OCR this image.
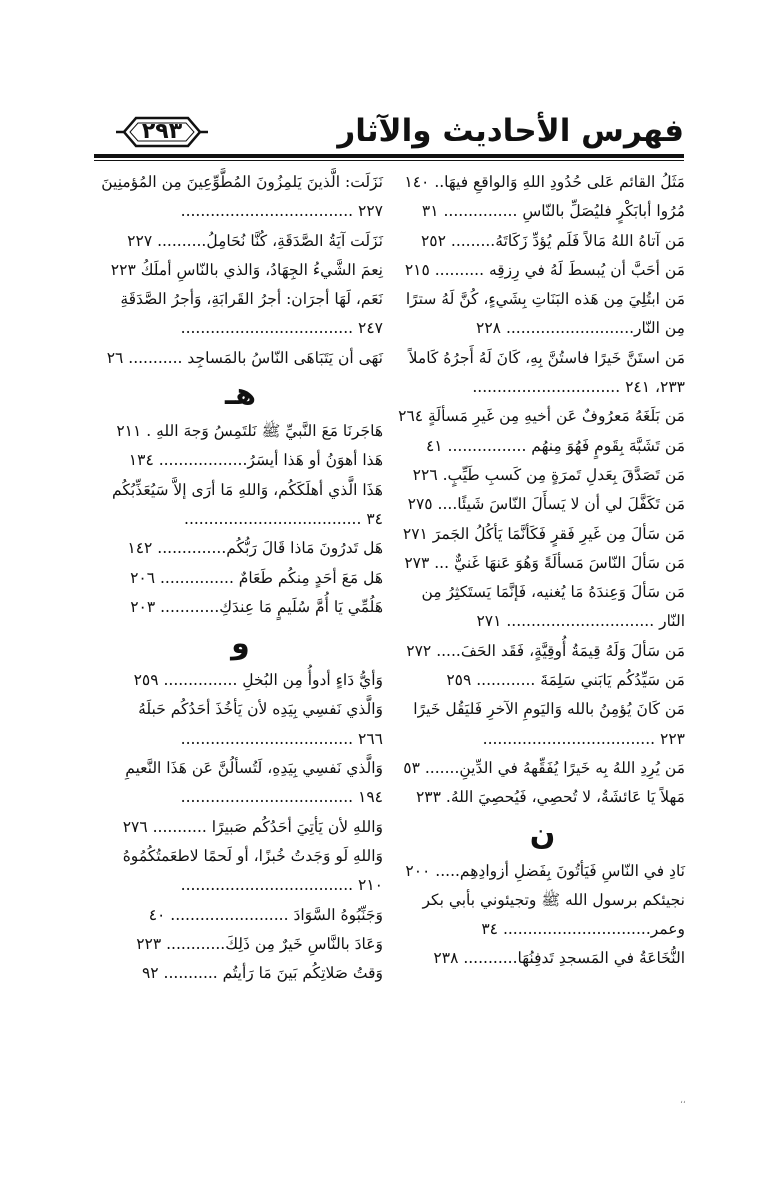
٢٩٣	فهرس الأحاديث والآثار
مَثَلُ القائم عَلى حُدُودِ اللهِ وَالواقعِ فيهَا.. ١٤٠
مُرُوا أبابَكْرٍ فليُصَلِّ بالنّاسِ ............... ٣١
مَن آتاهُ اللهُ مَالاً فَلَم يُؤدِّ زَكَاتَهُ......... ٢٥٢
مَن أحَبَّ أن يُبسطَ لَهُ في رِزقِه .......... ٢١٥
مَن ابتُلِيَ مِن هَذه البَنَاتِ بِشَيءٍ، كُنَّ لَهُ سترًا
مِن النّار.......................... ٢٢٨
مَن استَنَّ خَيرًا فاستُنَّ بِهِ، كَانَ لَهُ أَجرُهُ كَاملاً
٢٣٣، ٢٤١ ..............................
مَن بَلَغَهُ مَعرُوفٌ عَن أخيهِ مِن غَيرِ مَسألَةٍ ٢٦٤
مَن تَشَبَّهَ بِقَومٍ فَهُوَ مِنهُم ................ ٤١
مَن تَصَدَّقَ بِعَدلِ تَمرَةٍ مِن كَسبِ طَيِّبٍ. ٢٢٦
مَن تَكَفَّلَ لي أن لا يَسأَلَ النّاسَ شَيئًا.... ٢٧٥
مَن سَألَ مِن غَيرِ فَقرٍ فَكَأنَّمَا يَأكُلُ الجَمرَ ٢٧١
مَن سَألَ النّاسَ مَسألَةً وَهُوَ عَنهَا غَنيٌّ ... ٢٧٣
مَن سَألَ وَعِندَهُ مَا يُغنيه، فَإنَّمَا يَستَكثِرُ مِن
النّار .............................. ٢٧١
مَن سَألَ وَلَهُ قِيمَةُ أُوقِيَّةٍ، فَقَد الحَفَ..... ٢٧٢
مَن سَيِّدُكُم يَابَني سَلِمَةَ ............ ٢٥٩
مَن كَانَ يُؤمِنُ بالله وَاليَومِ الآخرِ فَليَقُل خَيرًا
٢٢٣ ...................................
مَن يُرِدِ اللهُ بِه خَيرًا يُفَقِّههُ في الدِّينِ....... ٥٣
مَهلاً يَا عَائشَةُ، لا تُحصِي، فَيُحصِيَ اللهُ. ٢٣٣
ن
نَادِ في النّاسِ فَيَأتُونَ بِفَضلِ أزوادِهِم..... ٢٠٠
نجيئكم برسول الله ﷺ وتجيئوني بأبي بكر
وعمر.............................. ٣٤
النُّخَاعَةُ في المَسجدِ تَدفِنُهَا........... ٢٣٨
نَزَلَت: الَّذينَ يَلمِزُونَ المُطَّوِّعِينَ مِن المُؤمنِينَ
٢٢٧ ...................................
نَزَلَت آيَةُ الصَّدَقَةِ، كُنَّا نُحَامِلُ.......... ٢٢٧
نِعمَ الشَّيءُ الجِهَادُ، وَالذي بالنّاسِ أملَكُ ٢٢٣
نَعَم، لَهَا أجرَان: أجرُ القَرابَةِ، وَأجرُ الصَّدَقَةِ
٢٤٧ ...................................
نَهَى أن يَتَبَاهَى النّاسُ بالمَساجِد ........... ٢٦
هـ
هَاجَرنَا مَعَ النَّبيِّ ﷺ نَلتَمِسُ وَجهَ اللهِ . ٢١١
هَذا أهوَنُ أو هَذا أيسَرُ.................. ١٣٤
هَذَا الَّذي أهلَكَكُم، وَاللهِ مَا أرَى إلاَّ سَيُعَذِّبُكُم
٣٤ ....................................
هَل تَدرُونَ مَاذا قَالَ رَبُّكُم.............. ١٤٢
هَل مَعَ أحَدٍ مِنكُم طَعَامٌ ............... ٢٠٦
هَلُمِّي يَا أُمَّ سُلَيمٍ مَا عِندَكِ............ ٢٠٣
و
وَأيُّ دَاءٍ أدوأُ مِن البُخلِ ............... ٢٥٩
وَالَّذي نَفسِي بِيَدِه لأن يَأخُذَ أحَدُكُم حَبلَهُ
٢٦٦ ...................................
وَالَّذي نَفسِي بِيَدِهِ، لَتُسألُنَّ عَن هَذَا النَّعيمِ
١٩٤ ...................................
وَاللهِ لأن يَأتِيَ أحَدُكُم صَبيرًا ........... ٢٧٦
وَاللهِ لَو وَجَدتُ خُبزًا، أو لَحمًا لاطعَمتُكُمُوهُ
٢١٠ ...................................
وَجَنِّبُوهُ السَّوَادَ ........................ ٤٠
وَعَادَ بالنَّاسِ خَيرٌ مِن ذَلِكَ............ ٢٢٣
وَقتُ صَلاتِكُم بَينَ مَا رَأيتُم ........... ٩٢
،،
